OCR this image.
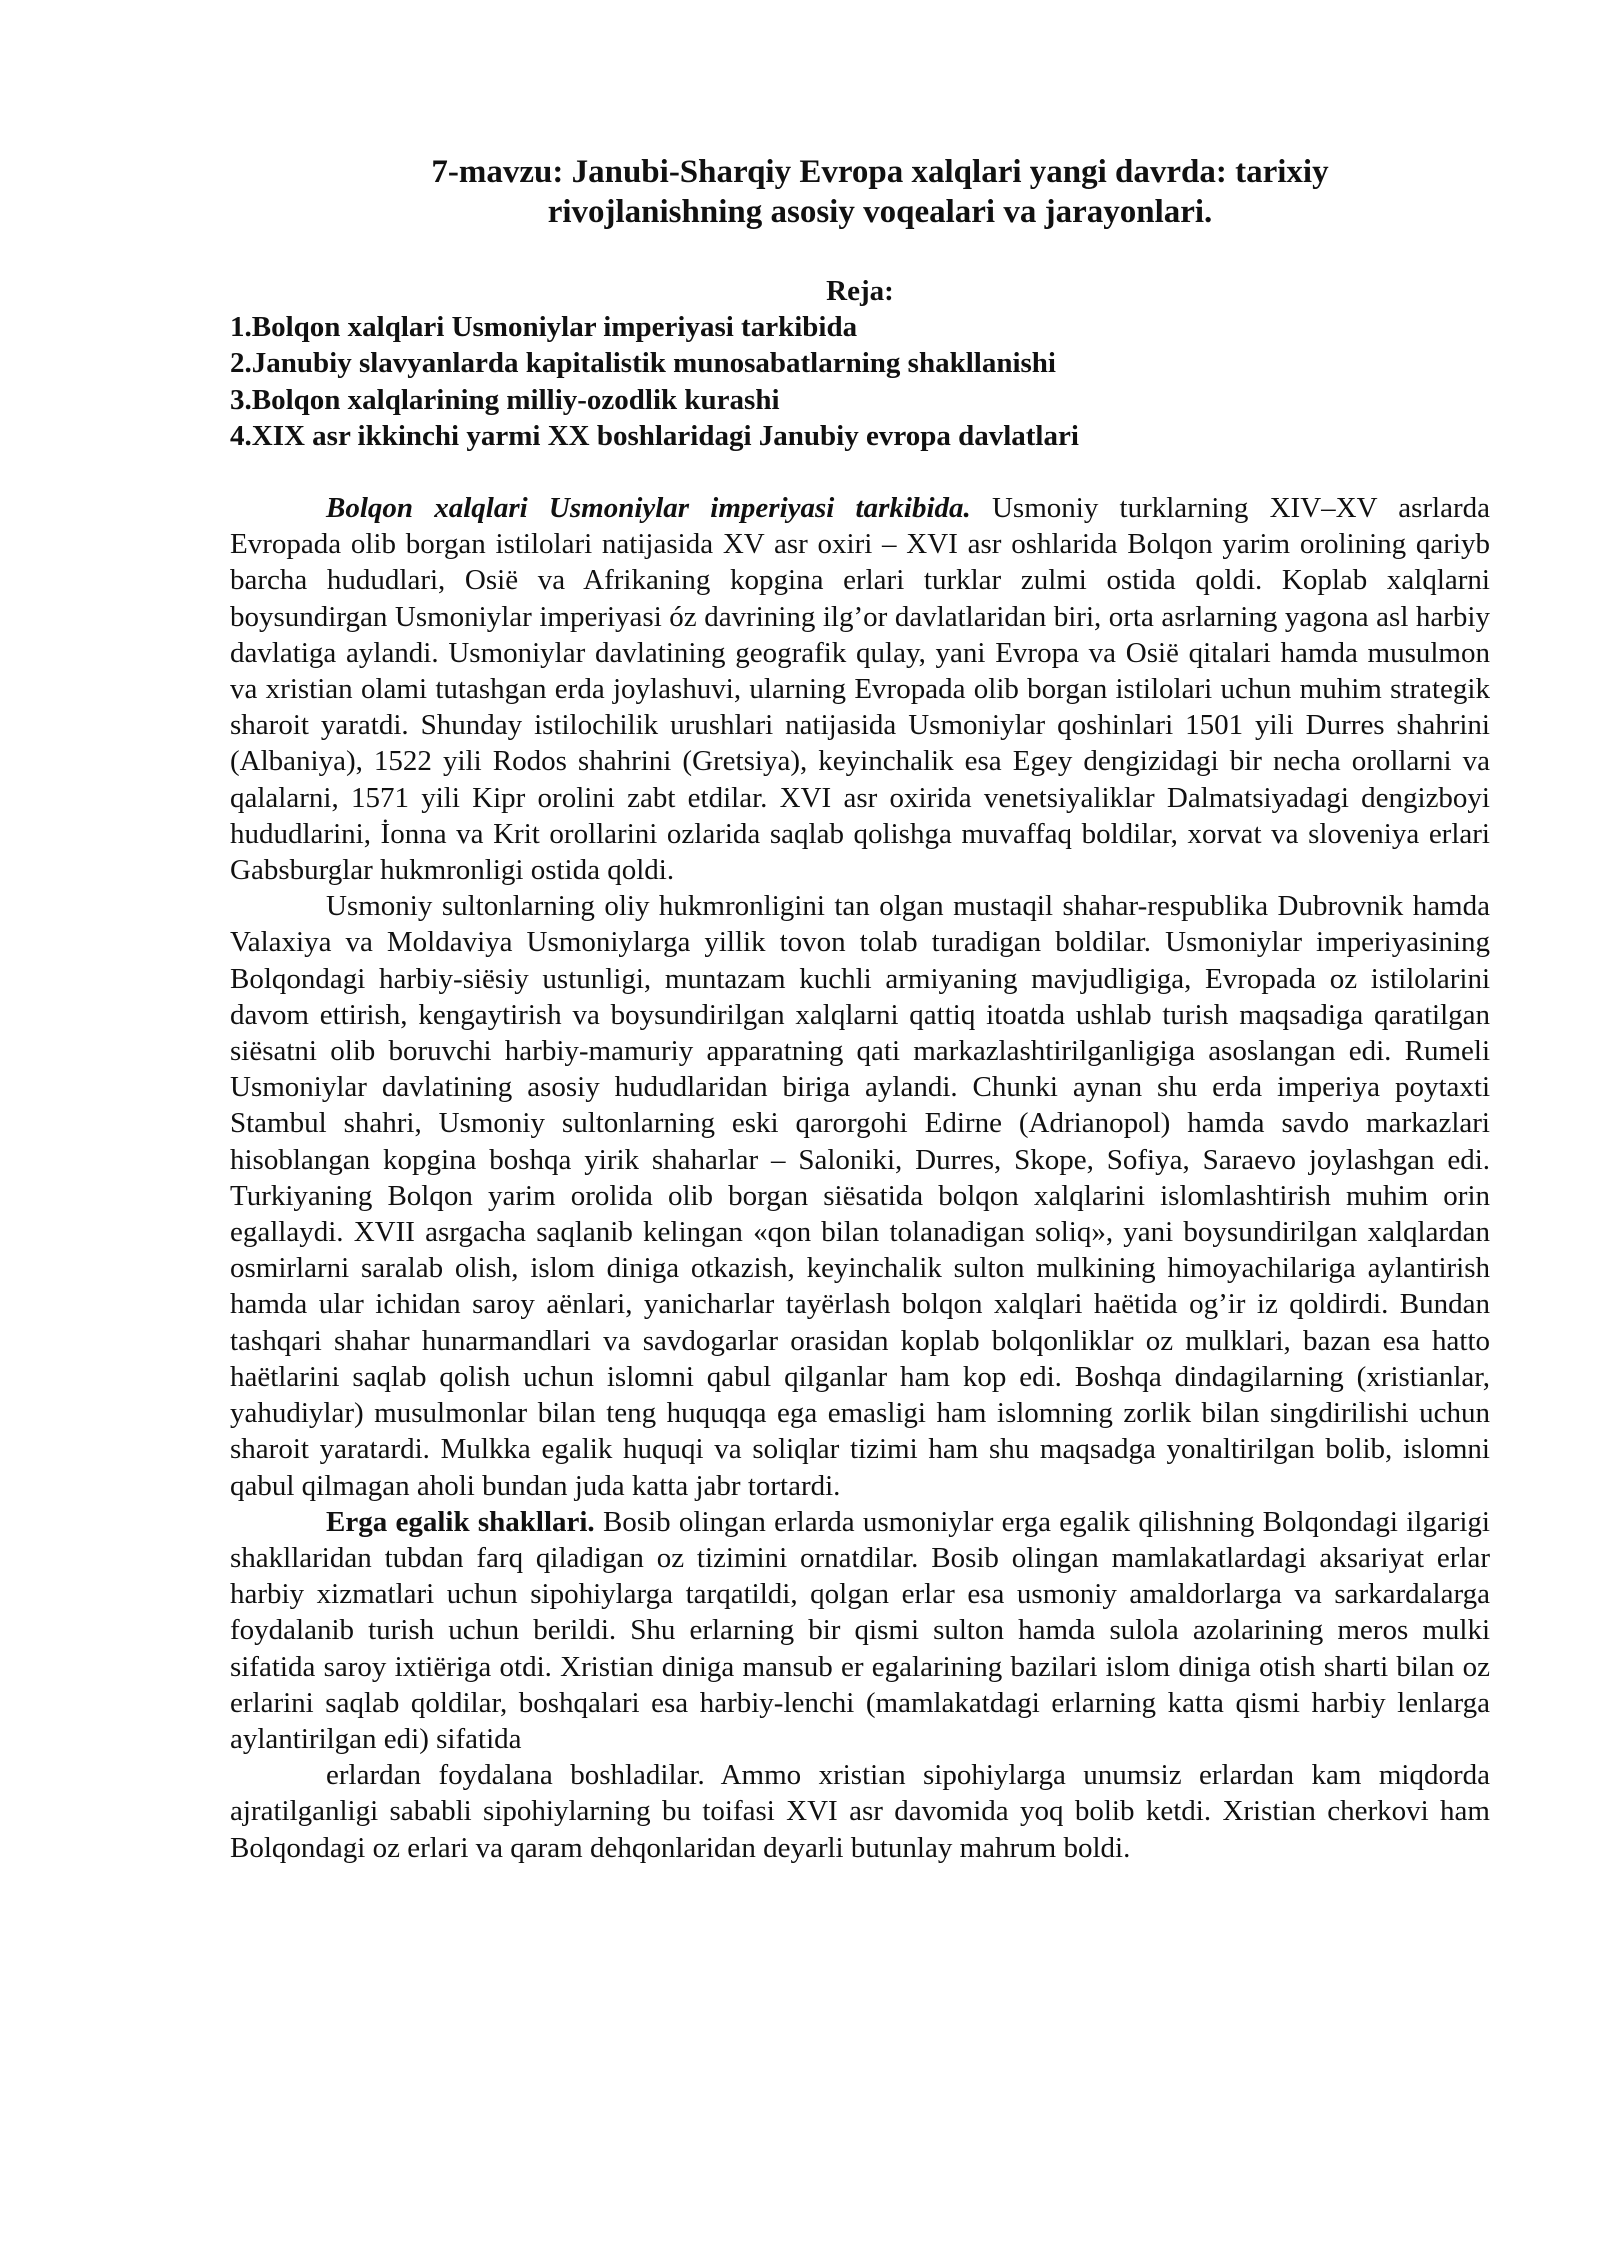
7-mavzu: Janubi-Sharqiy Evropa xalqlari yangi davrda: tarixiy
rivojlanishning asosiy voqealari va jarayonlari.

Reja:

1.Bolqon xalqlari Usmoniylar imperiyasi tarkibida
2.Janubiy slavyanlarda kapitalistik munosabatlarning shakllanishi
3.Bolqon xalqlarining milliy-ozodlik kurashi
4.XIX asr ikkinchi yarmi XX boshlaridagi Janubiy evropa davlatlari

Bolqon xalqlari Usmoniylar imperiyasi tarkibida. Usmoniy turklarning XIV–XV asrlarda Evropada olib borgan istilolari natijasida XV asr oxiri – XVI asr oshlarida Bolqon yarim orolining qariyb barcha hududlari, Osiё va Afrikaning kopgina erlari turklar zulmi ostida qoldi. Koplab xalqlarni boysundirgan Usmoniylar imperiyasi óz davrining ilg’or davlatlaridan biri, orta asrlarning yagona asl harbiy davlatiga aylandi. Usmoniylar davlatining geografik qulay, yani Evropa va Osiё qitalari hamda musulmon va xristian olami tutashgan erda joylashuvi, ularning Evropada olib borgan istilolari uchun muhim strategik sharoit yaratdi. Shunday istilochilik urushlari natijasida Usmoniylar qoshinlari 1501 yili Durres shahrini (Albaniya), 1522 yili Rodos shahrini (Gretsiya), keyinchalik esa Egey dengizidagi bir necha orollarni va qalalarni, 1571 yili Kipr orolini zabt etdilar. XVI asr oxirida venetsiyaliklar Dalmatsiyadagi dengizboyi hududlarini, İonna va Krit orollarini ozlarida saqlab qolishga muvaffaq boldilar, xorvat va sloveniya erlari Gabsburglar hukmronligi ostida qoldi.

Usmoniy sultonlarning oliy hukmronligini tan olgan mustaqil shahar-respublika Dubrovnik hamda Valaxiya va Moldaviya Usmoniylarga yillik tovon tolab turadigan boldilar. Usmoniylar imperiyasining Bolqondagi harbiy-siёsiy ustunligi, muntazam kuchli armiyaning mavjudligiga, Evropada oz istilolarini davom ettirish, kengaytirish va boysundirilgan xalqlarni qattiq itoatda ushlab turish maqsadiga qaratilgan siёsatni olib boruvchi harbiy-mamuriy apparatning qati markazlashtirilganligiga asoslangan edi. Rumeli Usmoniylar davlatining asosiy hududlaridan biriga aylandi. Chunki aynan shu erda imperiya poytaxti Stambul shahri, Usmoniy sultonlarning eski qarorgohi Edirne (Adrianopol) hamda savdo markazlari hisoblangan kopgina boshqa yirik shaharlar – Saloniki, Durres, Skope, Sofiya, Saraevo joylashgan edi. Turkiyaning Bolqon yarim orolida olib borgan siёsatida bolqon xalqlarini islomlashtirish muhim orin egallaydi. XVII asrgacha saqlanib kelingan «qon bilan tolanadigan soliq», yani boysundirilgan xalqlardan osmirlarni saralab olish, islom diniga otkazish, keyinchalik sulton mulkining himoyachilariga aylantirish hamda ular ichidan saroy aёnlari, yanicharlar tayёrlash bolqon xalqlari haёtida og’ir iz qoldirdi. Bundan tashqari shahar hunarmandlari va savdogarlar orasidan koplab bolqonliklar oz mulklari, bazan esa hatto haёtlarini saqlab qolish uchun islomni qabul qilganlar ham kop edi. Boshqa dindagilarning (xristianlar, yahudiylar) musulmonlar bilan teng huquqqa ega emasligi ham islomning zorlik bilan singdirilishi uchun sharoit yaratardi. Mulkka egalik huquqi va soliqlar tizimi ham shu maqsadga yonaltirilgan bolib, islomni qabul qilmagan aholi bundan juda katta jabr tortardi.

Erga egalik shakllari. Bosib olingan erlarda usmoniylar erga egalik qilishning Bolqondagi ilgarigi shakllaridan tubdan farq qiladigan oz tizimini ornatdilar. Bosib olingan mamlakatlardagi aksariyat erlar harbiy xizmatlari uchun sipohiylarga tarqatildi, qolgan erlar esa usmoniy amaldorlarga va sarkardalarga foydalanib turish uchun berildi. Shu erlarning bir qismi sulton hamda sulola azolarining meros mulki sifatida saroy ixtiёriga otdi. Xristian diniga mansub er egalarining bazilari islom diniga otish sharti bilan oz erlarini saqlab qoldilar, boshqalari esa harbiy-lenchi (mamlakatdagi erlarning katta qismi harbiy lenlarga aylantirilgan edi) sifatida

erlardan foydalana boshladilar. Ammo xristian sipohiylarga unumsiz erlardan kam miqdorda ajratilganligi sababli sipohiylarning bu toifasi XVI asr davomida yoq bolib ketdi. Xristian cherkovi ham Bolqondagi oz erlari va qaram dehqonlaridan deyarli butunlay mahrum boldi.
